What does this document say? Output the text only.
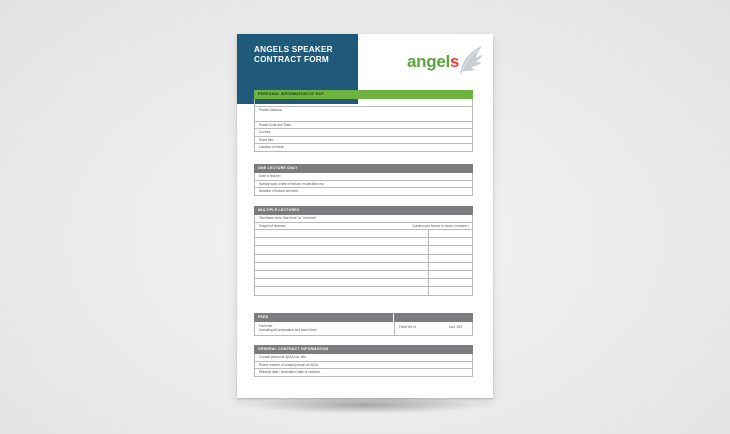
ANGELS SPEAKER CONTRACT FORM	angels
PERSONAL INFORMATION OF HCP
Name of the speaker:
Private Address:
Postal Code and Town:
Country:
Event title:
Location of event:
ONE LECTURE ONLY
Date of lecture:
Specify topic or title of lecture, moderation etc:
Duration of lecture services:
MULTIPLE LECTURES
Timeframe from "start time" to "end time":
Subject of lectures:	Duration per lecture in hours / minutes ▾
FEES
Fixed fee:
(including all preparation and travel time)
Fixed fee of	excl. VAT
GENERAL CONTRACT INFORMATION
Contact person at IQVIA incl. title:
Phone number of contact person at IQVIA:
Effective date / termination date of contract:
